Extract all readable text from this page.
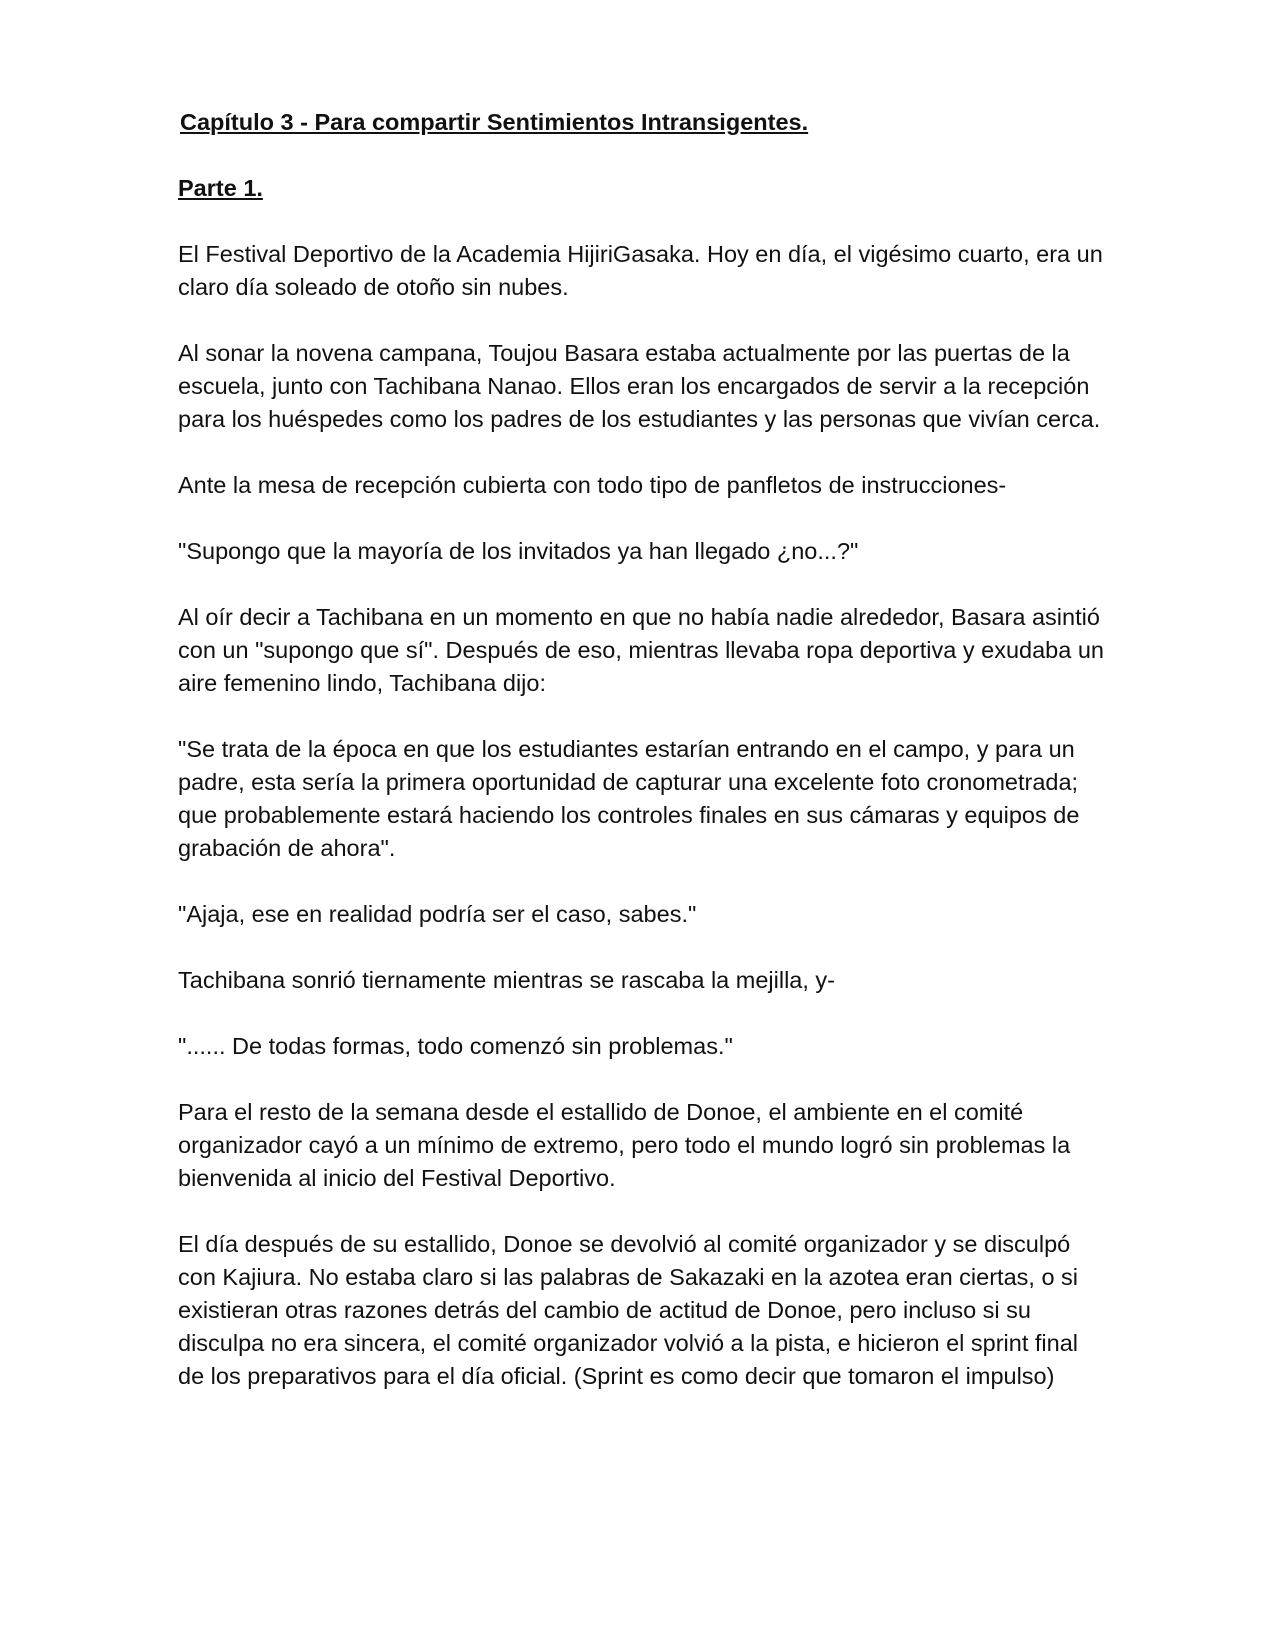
Capítulo 3 - Para compartir Sentimientos Intransigentes.
Parte 1.

El Festival Deportivo de la Academia HijiriGasaka. Hoy en día, el vigésimo cuarto, era un claro día soleado de otoño sin nubes.

Al sonar la novena campana, Toujou Basara estaba actualmente por las puertas de la escuela, junto con Tachibana Nanao. Ellos eran los encargados de servir a la recepción para los huéspedes como los padres de los estudiantes y las personas que vivían cerca.

Ante la mesa de recepción cubierta con todo tipo de panfletos de instrucciones-

"Supongo que la mayoría de los invitados ya han llegado ¿no...?"

Al oír decir a Tachibana en un momento en que no había nadie alrededor, Basara asintió con un "supongo que sí". Después de eso, mientras llevaba ropa deportiva y exudaba un aire femenino lindo, Tachibana dijo:

"Se trata de la época en que los estudiantes estarían entrando en el campo, y para un padre, esta sería la primera oportunidad de capturar una excelente foto cronometrada; que probablemente estará haciendo los controles finales en sus cámaras y equipos de grabación de ahora".

"Ajaja, ese en realidad podría ser el caso, sabes."

Tachibana sonrió tiernamente mientras se rascaba la mejilla, y-

"...... De todas formas, todo comenzó sin problemas."

Para el resto de la semana desde el estallido de Donoe, el ambiente en el comité organizador cayó a un mínimo de extremo, pero todo el mundo logró sin problemas la bienvenida al inicio del Festival Deportivo.

El día después de su estallido, Donoe se devolvió al comité organizador y se disculpó con Kajiura. No estaba claro si las palabras de Sakazaki en la azotea eran ciertas, o si existieran otras razones detrás del cambio de actitud de Donoe, pero incluso si su disculpa no era sincera, el comité organizador volvió a la pista, e hicieron el sprint final de los preparativos para el día oficial. (Sprint es como decir que tomaron el impulso)
